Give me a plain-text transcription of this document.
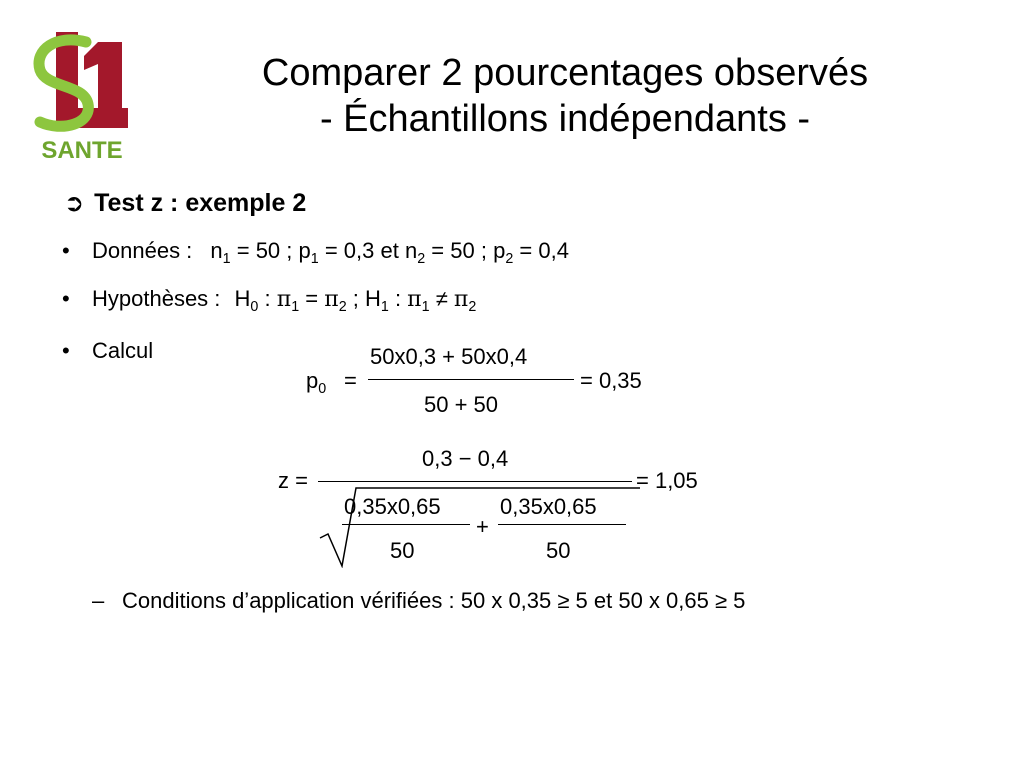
SANTE
Comparer 2 pourcentages observés
- Échantillons indépendants -
➲ Test z : exemple 2
• Données : $n_1 = 50$ ; $p_1 = 0,3$ et $n_2 = 50$ ; $p_2 = 0,4$
• Hypothèses : $H_0$ : $\pi_1 = \pi_2$ ; $H_1$ : $\pi_1 \ne \pi_2$
• Calcul
$p_0$ =
50x0,3 + 50x0,4
50 + 50
= 0,35
z =
0,3 − 0,4
0,35x0,65
50
+
0,35x0,65
50
= 1,05
– Conditions d’application vérifiées : 50 x 0,35 ≥ 5 et 50 x 0,65 ≥ 5
